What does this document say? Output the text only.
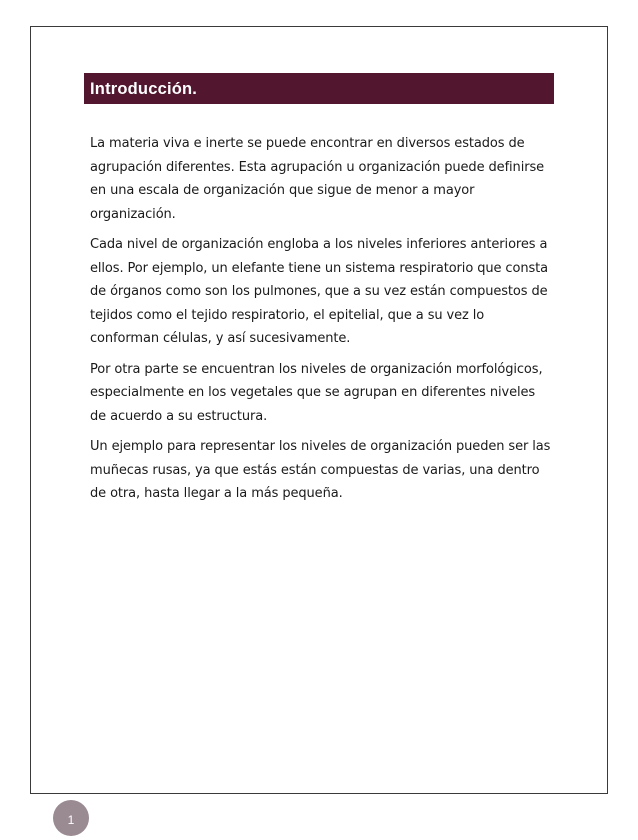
Introducción.

La materia viva e inerte se puede encontrar en diversos estados de agrupación diferentes. Esta agrupación u organización puede definirse en una escala de organización que sigue de menor a mayor organización.

Cada nivel de organización engloba a los niveles inferiores anteriores a ellos. Por ejemplo, un elefante tiene un sistema respiratorio que consta de órganos como son los pulmones, que a su vez están compuestos de tejidos como el tejido respiratorio, el epitelial, que a su vez lo conforman células, y así sucesivamente.

Por otra parte se encuentran los niveles de organización morfológicos, especialmente en los vegetales que se agrupan en diferentes niveles de acuerdo a su estructura.

Un ejemplo para representar los niveles de organización pueden ser las muñecas rusas, ya que estás están compuestas de varias, una dentro de otra, hasta llegar a la más pequeña.

1
